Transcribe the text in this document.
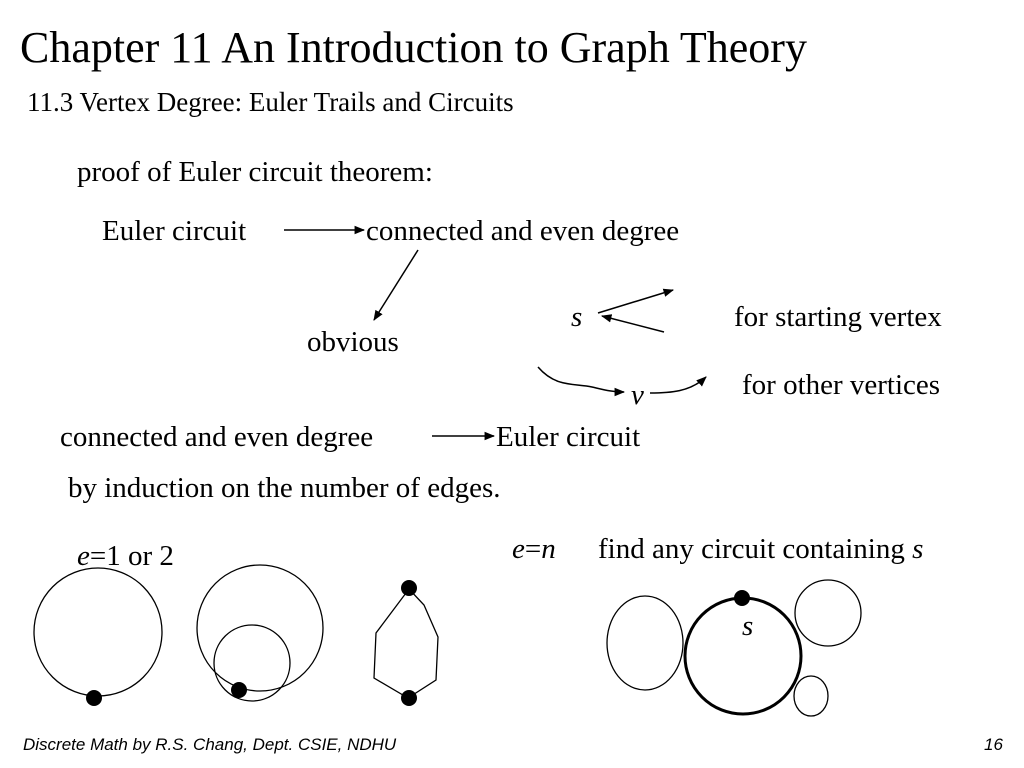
Chapter 11 An Introduction to Graph Theory
11.3 Vertex Degree: Euler Trails and Circuits
proof of Euler circuit theorem:
Euler circuit	connected and even degree
obvious
s	for starting vertex
v	for other vertices
connected and even degree	Euler circuit
by induction on the number of edges.
e=1 or 2	e=n find any circuit containing s
s
Discrete Math by R.S. Chang, Dept. CSIE, NDHU	16
